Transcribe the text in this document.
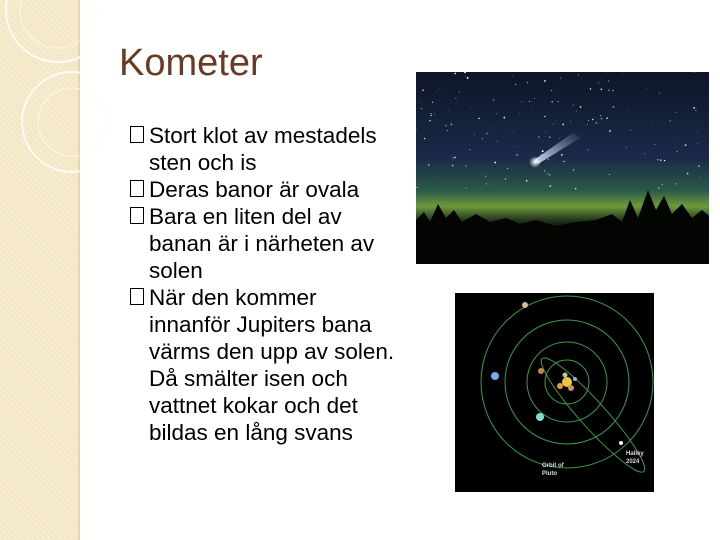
Kometer
Stort klot av mestadels sten och is
Deras banor är ovala
Bara en liten del av banan är i närheten av solen
När den kommer innanför Jupiters bana värms den upp av solen. Då smälter isen och vattnet kokar och det bildas en lång svans
Halley 2024
Orbit of Pluto
